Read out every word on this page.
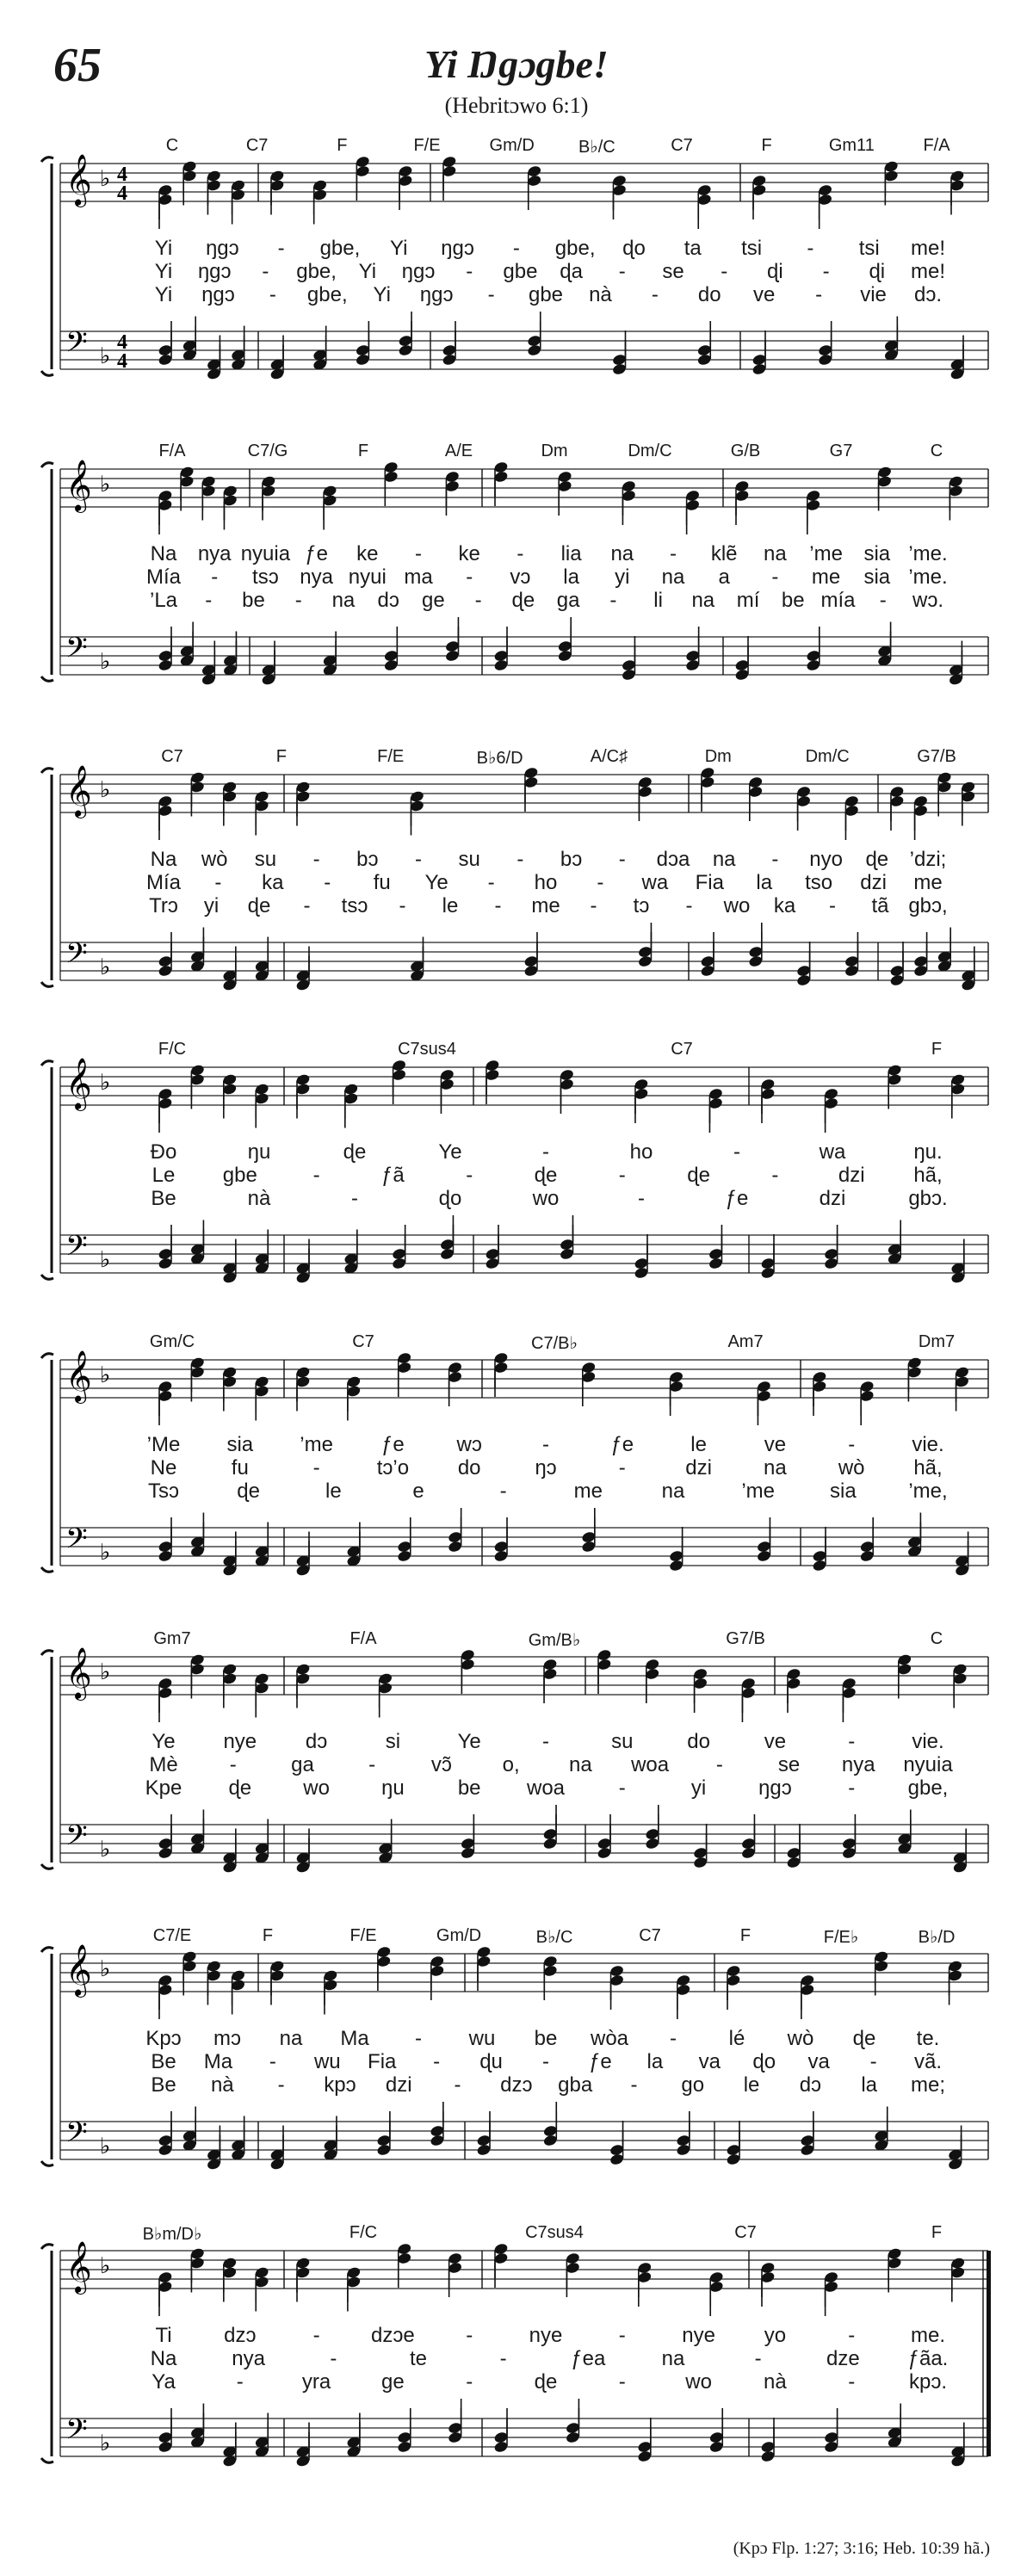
65	Yi Ŋgɔgbe!
(Hebritɔwo 6:1)
𝄞
𝄢
♭
♭
4
4
4
4
C	C7	F	F/E	Gm/D	B♭/C	C7	F	Gm11	F/A
Yi ŋgɔ - gbe, Yi ŋgɔ - gbe, ɖo ta tsi - tsi me!
Yi ŋgɔ - gbe, Yi ŋgɔ - gbe ɖa - se - ɖi - ɖi me!
Yi ŋgɔ - gbe, Yi ŋgɔ - gbe nà - do ve - vie dɔ.
𝄞
𝄢
♭
♭
F/A	C7/G	F	A/E	Dm	Dm/C	G/B	G7	C
Na nya nyuia ƒe ke - ke - lia na - klẽ na ’me sia ’me.
Mía - tsɔ nya nyui ma - vɔ la yi na a - me sia ’me.
’La - be - na dɔ ge - ɖe ga - li na mí be mía - wɔ.
𝄞
𝄢
♭
♭
C7	F	F/E	B♭6/D	A/C♯	Dm	Dm/C	G7/B
Na wò su - bɔ - su - bɔ - dɔa na - nyo ɖe ’dzi;
Mía - ka - fu Ye - ho - wa Fia la tso dzi me
Trɔ yi ɖe - tsɔ - le - me - tɔ - wo ka - tã gbɔ,
𝄞
𝄢
♭
♭
F/C	C7sus4	C7	F
Ðo	ŋu	ɖe	Ye	-	ho	-	wa	ŋu.
Le gbe	-	ƒã	-	ɖe	-	ɖe	-	dzi hã,
Be	nà	-	ɖo	wo	-	ƒe	dzi	gbɔ.
𝄞
𝄢
♭
♭
Gm/C	C7	C7/B♭	Am7	Dm7
’Me sia ’me ƒe	wɔ	-	ƒe	le	ve	-	vie.
Ne	fu	-	tɔ’o do	ŋɔ	-	dzi	na	wò hã,
Tsɔ	ɖe	le	e	-	me	na	’me	sia	’me,
𝄞
𝄢
♭
♭
Gm7	F/A	Gm/B♭	G7/B	C
Ye nye dɔ	si	Ye	-	su	do	ve	-	vie.
Mè	-	ga	-	vɔ̃ o, na woa -	se nya nyuia
Kpe ɖe	wo	ŋu	be woa	-	yi	ŋgɔ	-	gbe,
𝄞
𝄢
♭
♭
C7/E	F	F/E	Gm/D	B♭/C	C7	F	F/E♭	B♭/D
Kpɔ mɔ na Ma - wu be wòa -	lé wò ɖe te.
Be Ma - wu Fia - ɖu - ƒe la va ɖo va - vã.
Be nà - kpɔ dzi - dzɔ gba - go le dɔ la me;
𝄞
𝄢
♭
♭
B♭m/D♭	F/C	C7sus4	C7	F
Ti	dzɔ	- dzɔe -	nye	-	nye yo	-	me.
Na	nya	-	te	-	ƒea	na	-	dze ƒãa.
Ya	-	yra ge	-	ɖe	-	wo	nà	-	kpɔ.
(Kpɔ Flp. 1:27; 3:16; Heb. 10:39 hã.)
